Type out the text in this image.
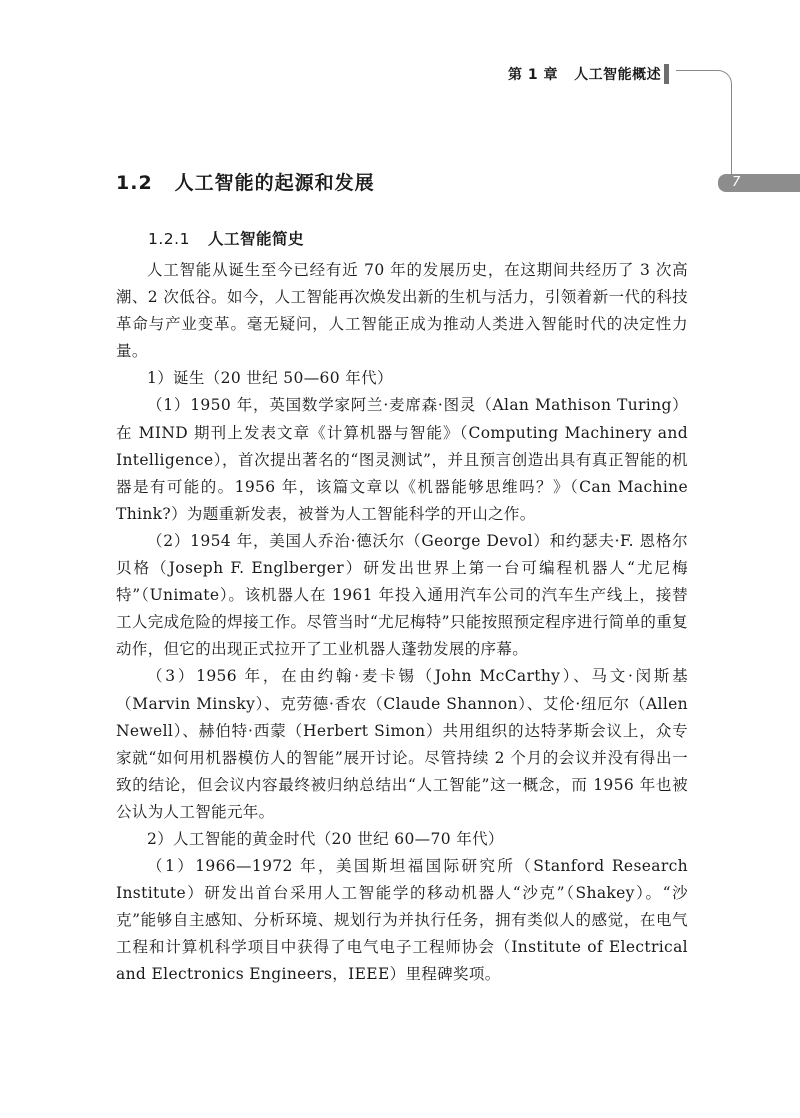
第 1 章   人工智能概述
7
1.2 人工智能的起源和发展
1.2.1 人工智能简史

人工智能从诞生至今已经有近 70 年的发展历史，在这期间共经历了 3 次高潮、2 次低谷。如今，人工智能再次焕发出新的生机与活力，引领着新一代的科技革命与产业变革。毫无疑问，人工智能正成为推动人类进入智能时代的决定性力量。

1）诞生（20 世纪 50—60 年代）

（1）1950 年，英国数学家阿兰·麦席森·图灵（Alan Mathison Turing）在 MIND 期刊上发表文章《计算机器与智能》（Computing Machinery and Intelligence），首次提出著名的“图灵测试”，并且预言创造出具有真正智能的机器是有可能的。1956 年，该篇文章以《机器能够思维吗？》（Can Machine Think?）为题重新发表，被誉为人工智能科学的开山之作。

（2）1954 年，美国人乔治·德沃尔（George Devol）和约瑟夫·F. 恩格尔贝格（Joseph F. Englberger）研发出世界上第一台可编程机器人“尤尼梅特”（Unimate）。该机器人在 1961 年投入通用汽车公司的汽车生产线上，接替工人完成危险的焊接工作。尽管当时“尤尼梅特”只能按照预定程序进行简单的重复动作，但它的出现正式拉开了工业机器人蓬勃发展的序幕。

（3）1956 年，在由约翰·麦卡锡（John McCarthy）、马文·闵斯基（Marvin Minsky）、克劳德·香农（Claude Shannon）、艾伦·纽厄尔（Allen Newell）、赫伯特·西蒙（Herbert Simon）共用组织的达特茅斯会议上，众专家就“如何用机器模仿人的智能”展开讨论。尽管持续 2 个月的会议并没有得出一致的结论，但会议内容最终被归纳总结出“人工智能”这一概念，而 1956 年也被公认为人工智能元年。

2）人工智能的黄金时代（20 世纪 60—70 年代）

（1）1966—1972 年，美国斯坦福国际研究所（Stanford Research Institute）研发出首台采用人工智能学的移动机器人“沙克”（Shakey）。“沙克”能够自主感知、分析环境、规划行为并执行任务，拥有类似人的感觉，在电气工程和计算机科学项目中获得了电气电子工程师协会（Institute of Electrical and Electronics Engineers，IEEE）里程碑奖项。
